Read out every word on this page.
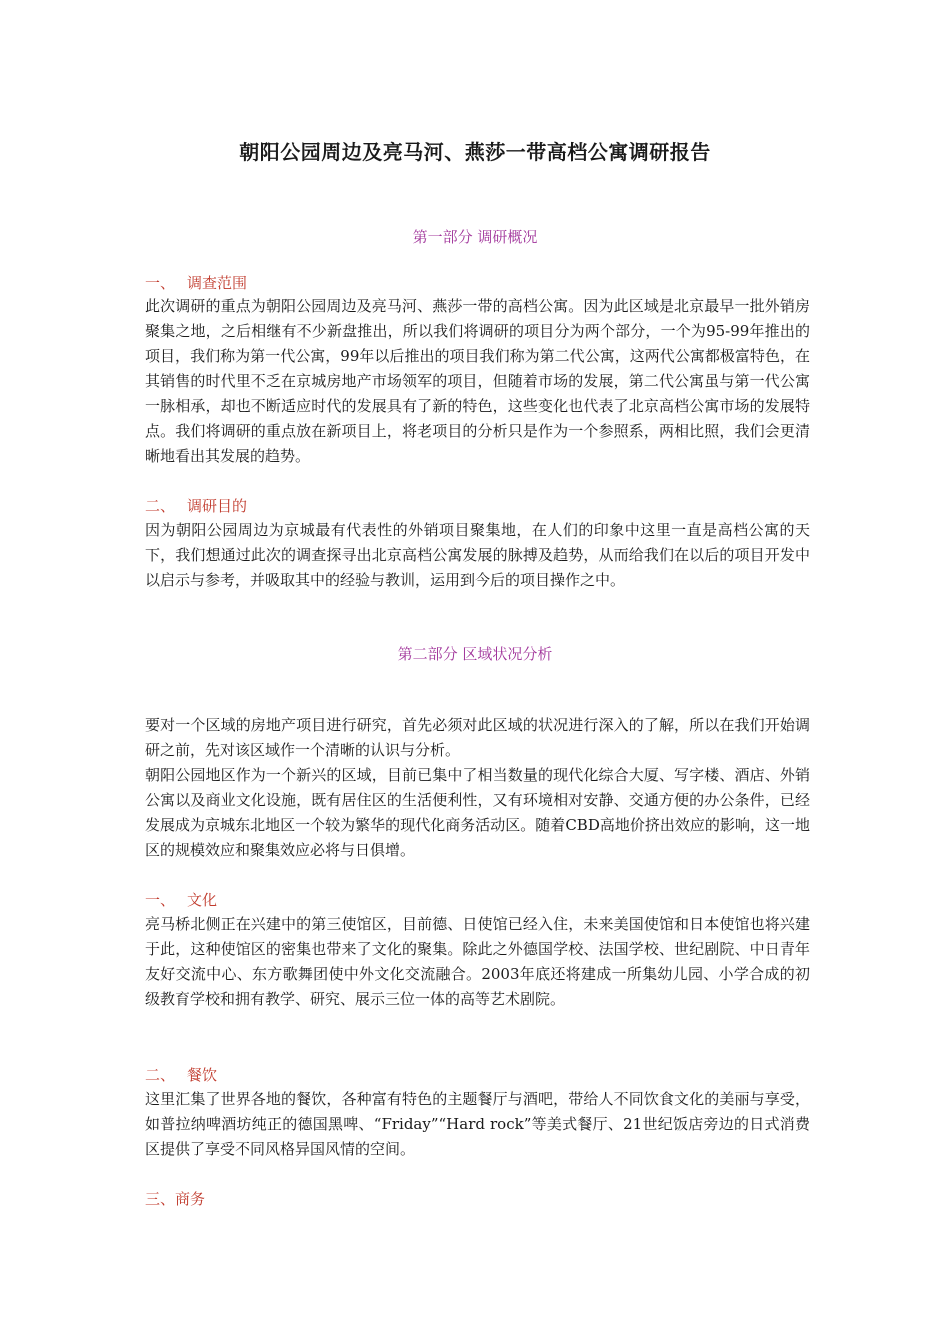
朝阳公园周边及亮马河、燕莎一带高档公寓调研报告
第一部分 调研概况
一、 调查范围

此次调研的重点为朝阳公园周边及亮马河、燕莎一带的高档公寓。因为此区域是北京最早一批外销房聚集之地，之后相继有不少新盘推出，所以我们将调研的项目分为两个部分，一个为95-99年推出的项目，我们称为第一代公寓，99年以后推出的项目我们称为第二代公寓，这两代公寓都极富特色，在其销售的时代里不乏在京城房地产市场领军的项目，但随着市场的发展，第二代公寓虽与第一代公寓一脉相承，却也不断适应时代的发展具有了新的特色，这些变化也代表了北京高档公寓市场的发展特点。我们将调研的重点放在新项目上，将老项目的分析只是作为一个参照系，两相比照，我们会更清晰地看出其发展的趋势。

二、 调研目的

因为朝阳公园周边为京城最有代表性的外销项目聚集地，在人们的印象中这里一直是高档公寓的天下，我们想通过此次的调查探寻出北京高档公寓发展的脉搏及趋势，从而给我们在以后的项目开发中以启示与参考，并吸取其中的经验与教训，运用到今后的项目操作之中。

第二部分 区域状况分析

要对一个区域的房地产项目进行研究，首先必须对此区域的状况进行深入的了解，所以在我们开始调研之前，先对该区域作一个清晰的认识与分析。

朝阳公园地区作为一个新兴的区域，目前已集中了相当数量的现代化综合大厦、写字楼、酒店、外销公寓以及商业文化设施，既有居住区的生活便利性，又有环境相对安静、交通方便的办公条件，已经发展成为京城东北地区一个较为繁华的现代化商务活动区。随着CBD高地价挤出效应的影响，这一地区的规模效应和聚集效应必将与日俱增。

一、 文化

亮马桥北侧正在兴建中的第三使馆区，目前德、日使馆已经入住，未来美国使馆和日本使馆也将兴建于此，这种使馆区的密集也带来了文化的聚集。除此之外德国学校、法国学校、世纪剧院、中日青年友好交流中心、东方歌舞团使中外文化交流融合。2003年底还将建成一所集幼儿园、小学合成的初级教育学校和拥有教学、研究、展示三位一体的高等艺术剧院。

二、 餐饮

这里汇集了世界各地的餐饮，各种富有特色的主题餐厅与酒吧，带给人不同饮食文化的美丽与享受，如普拉纳啤酒坊纯正的德国黑啤、“Friday”“Hard rock”等美式餐厅、21世纪饭店旁边的日式消费区提供了享受不同风格异国风情的空间。

三、商务
